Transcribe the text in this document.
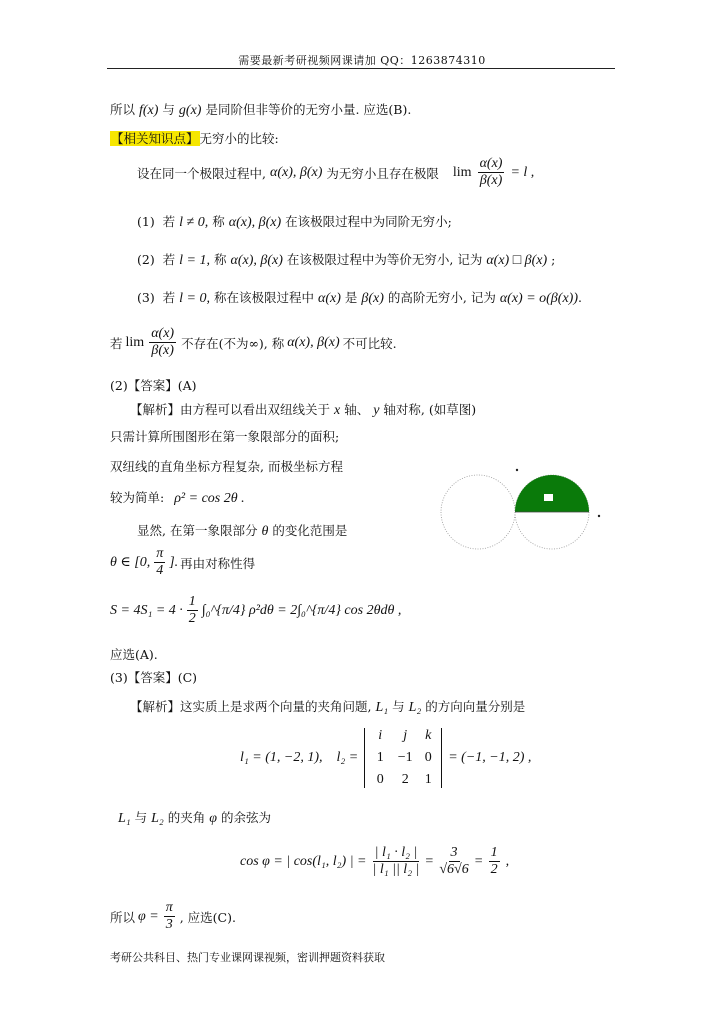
需要最新考研视频网课请加 QQ：1263874310
所以 f(x) 与 g(x) 是同阶但非等价的无穷小量. 应选(B).
【相关知识点】无穷小的比较:
设在同一个极限过程中, α(x), β(x) 为无穷小且存在极限 $\lim \frac{\alpha(x)}{\beta(x)} = l$ ,
(1) 若 l ≠ 0, 称 α(x), β(x) 在该极限过程中为同阶无穷小;
(2) 若 l = 1, 称 α(x), β(x) 在该极限过程中为等价无穷小, 记为 α(x) □ β(x) ;
(3) 若 l = 0, 称在该极限过程中 α(x) 是 β(x) 的高阶无穷小, 记为 α(x) = o(β(x)).
若 $\lim \frac{\alpha(x)}{\beta(x)}$ 不存在(不为∞), 称 α(x), β(x) 不可比较.
(2)【答案】(A)
【解析】由方程可以看出双纽线关于 x 轴、 y 轴对称, (如草图)
只需计算所围图形在第一象限部分的面积;
双纽线的直角坐标方程复杂, 而极坐标方程
较为简单: ρ² = cos 2θ .
显然, 在第一象限部分 θ 的变化范围是
θ ∈ [0, $\frac{\pi}{4}$ ]. 再由对称性得
$S = 4S_1 = 4 \cdot \frac{1}{2}$ ∫₀^{π/4} ρ²dθ = 2∫₀^{π/4} cos 2θdθ ,
应选(A).
(3)【答案】(C)
【解析】这实质上是求两个向量的夹角问题, L₁ 与 L₂ 的方向向量分别是
l₁ = (1, −2, 1), l₂ =
i	j	k
1	−1 0
0	2	1
= (−1, −1, 2) ,
L₁ 与 L₂ 的夹角 φ 的余弦为
cos φ = | cos(l₁, l₂) | = $\frac{\text{| l₁ · l₂ |}}{\text{| l₁ || l₂ |}} = \frac{3}{√6√6} = \frac{1}{2}$ ,
所以 $\varphi = \frac{\pi}{3}$ , 应选(C).
考研公共科目、热门专业课网课视频，密训押题资料获取
